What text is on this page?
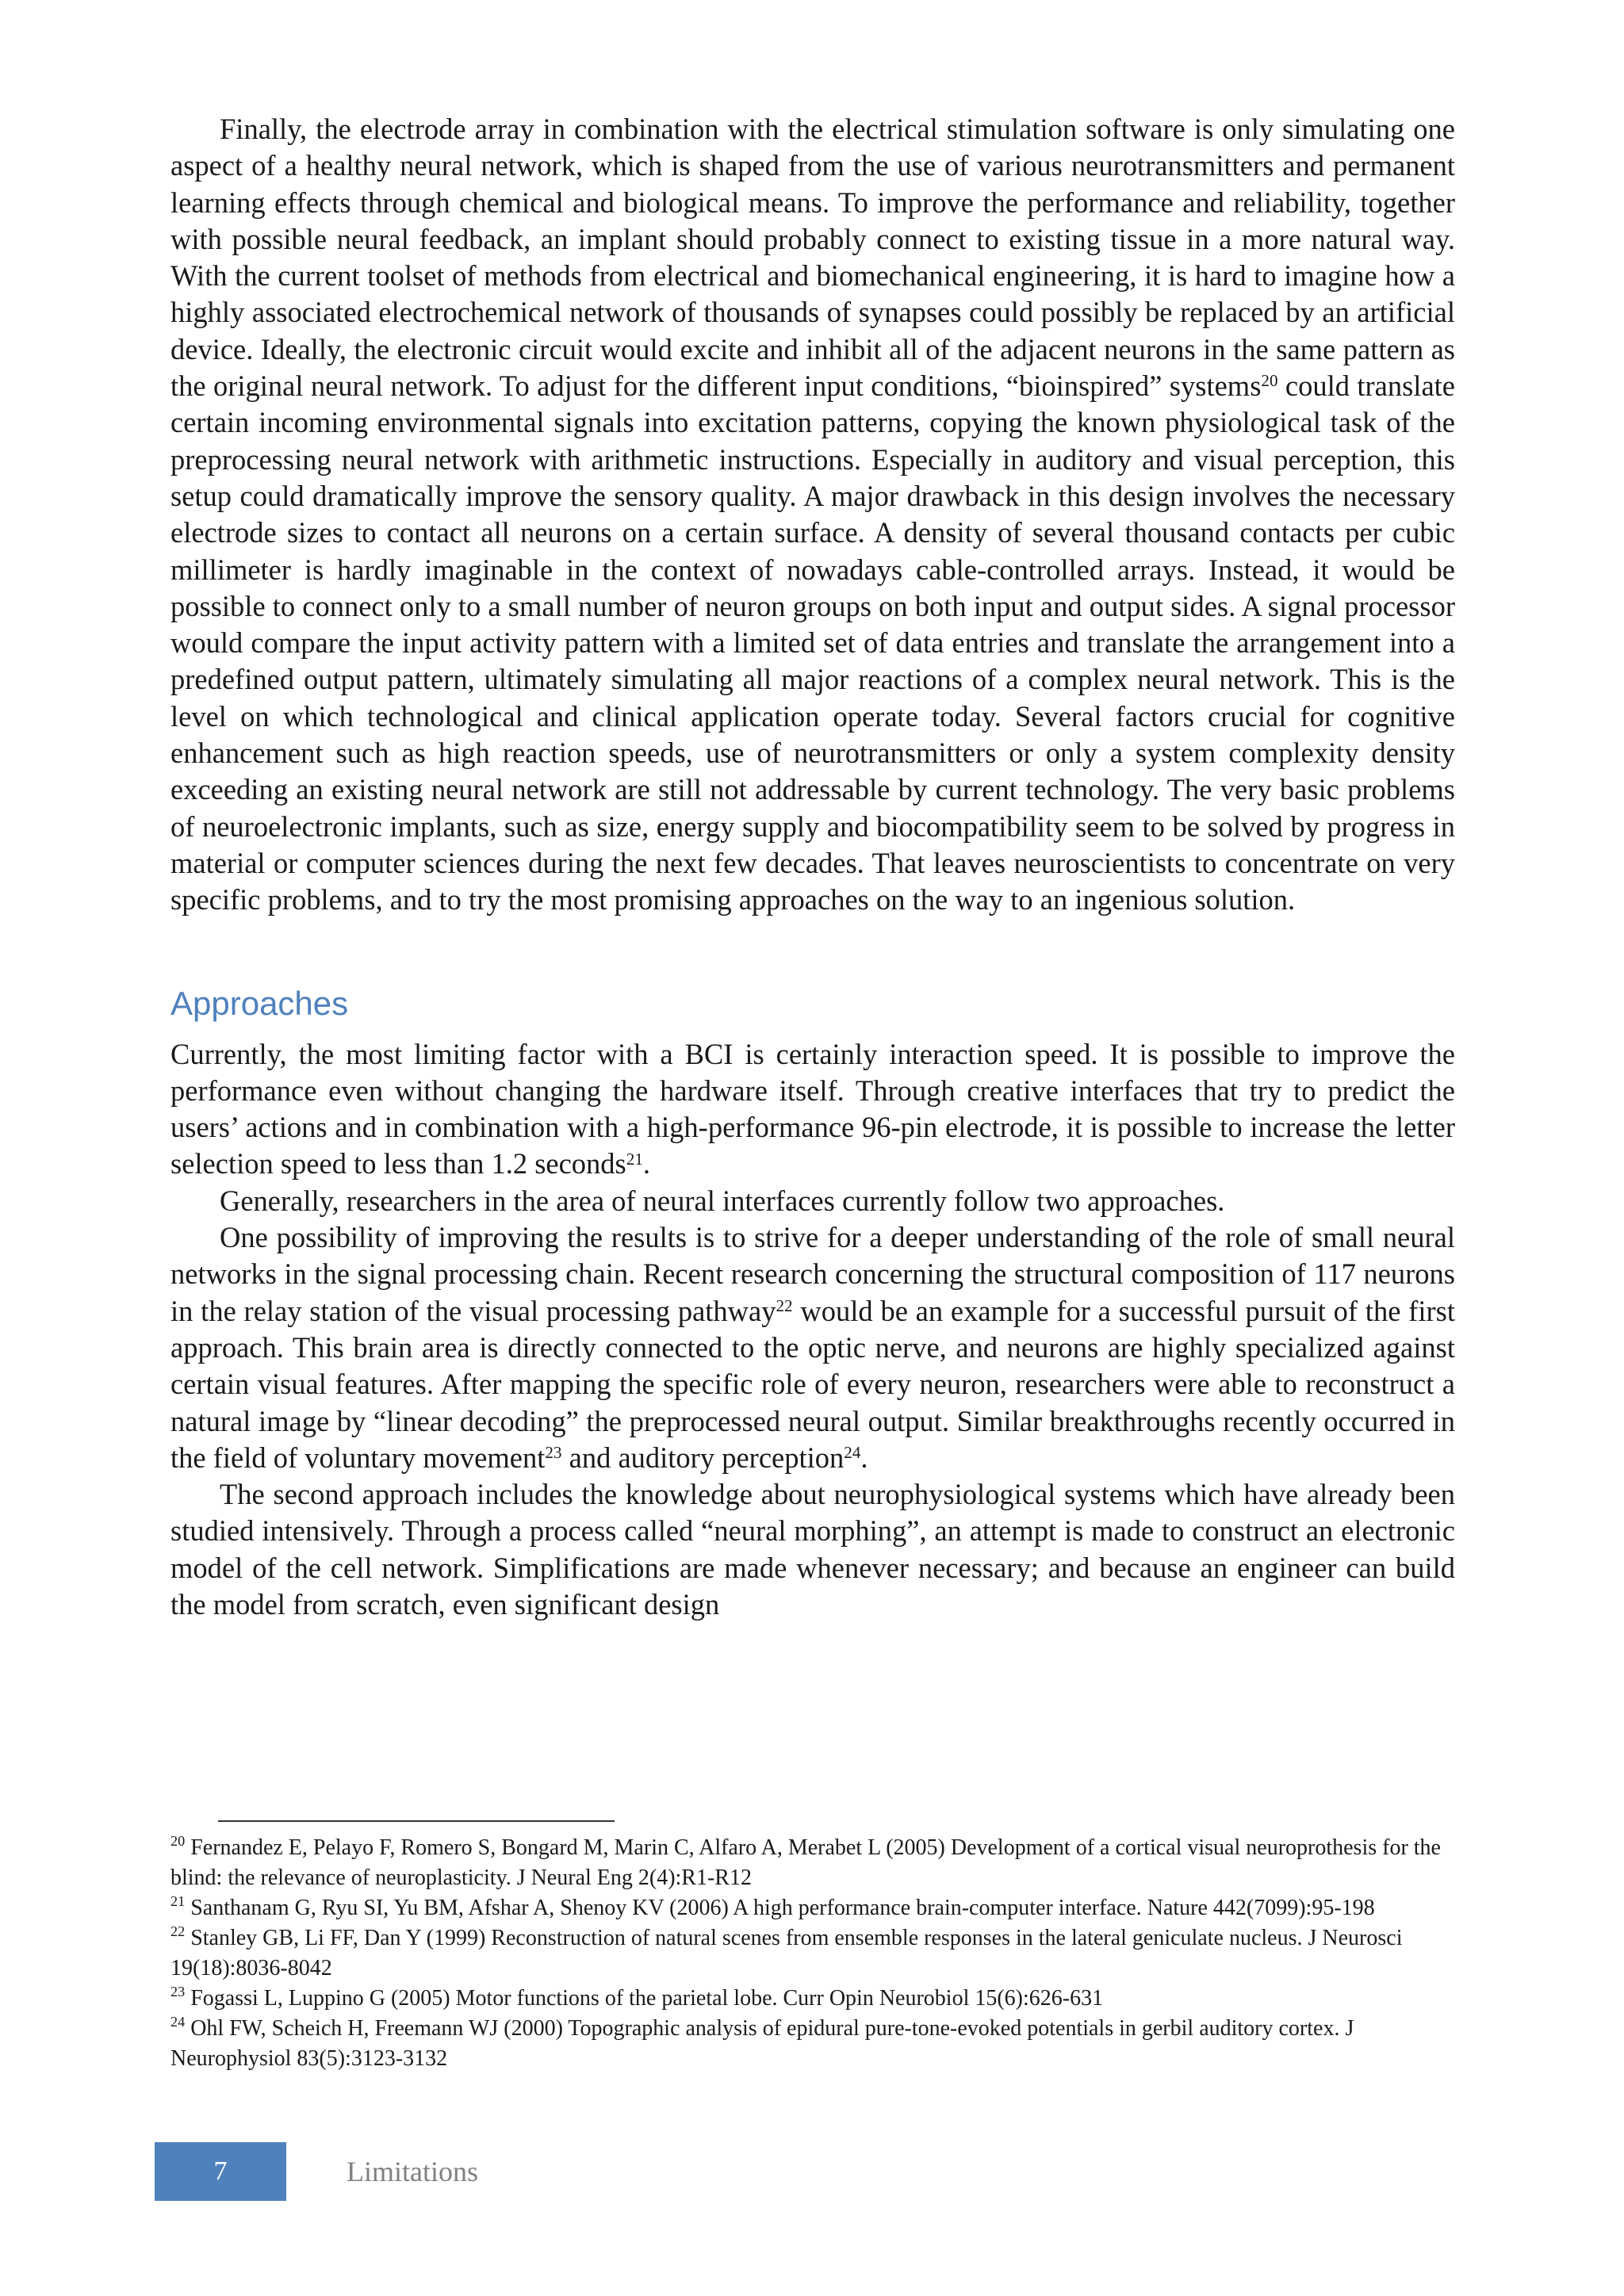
Finally, the electrode array in combination with the electrical stimulation software is only simulating one aspect of a healthy neural network, which is shaped from the use of various neurotransmitters and permanent learning effects through chemical and biological means. To improve the performance and reliability, together with possible neural feedback, an implant should probably connect to existing tissue in a more natural way. With the current toolset of methods from electrical and biomechanical engineering, it is hard to imagine how a highly associated electrochemical network of thousands of synapses could possibly be replaced by an artificial device. Ideally, the electronic circuit would excite and inhibit all of the adjacent neurons in the same pattern as the original neural network. To adjust for the different input conditions, “bioinspired” systems$^{20}$ could translate certain incoming environmental signals into excitation patterns, copying the known physiological task of the preprocessing neural network with arithmetic instructions. Especially in auditory and visual perception, this setup could dramatically improve the sensory quality. A major drawback in this design involves the necessary electrode sizes to contact all neurons on a certain surface. A density of several thousand contacts per cubic millimeter is hardly imaginable in the context of nowadays cable-controlled arrays. Instead, it would be possible to connect only to a small number of neuron groups on both input and output sides. A signal processor would compare the input activity pattern with a limited set of data entries and translate the arrangement into a predefined output pattern, ultimately simulating all major reactions of a complex neural network. This is the level on which technological and clinical application operate today. Several factors crucial for cognitive enhancement such as high reaction speeds, use of neurotransmitters or only a system complexity density exceeding an existing neural network are still not addressable by current technology. The very basic problems of neuroelectronic implants, such as size, energy supply and biocompatibility seem to be solved by progress in material or computer sciences during the next few decades. That leaves neuroscientists to concentrate on very specific problems, and to try the most promising approaches on the way to an ingenious solution.

Approaches

Currently, the most limiting factor with a BCI is certainly interaction speed. It is possible to improve the performance even without changing the hardware itself. Through creative interfaces that try to predict the users’ actions and in combination with a high-performance 96-pin electrode, it is possible to increase the letter selection speed to less than 1.2 seconds$^{21}$.

Generally, researchers in the area of neural interfaces currently follow two approaches.

One possibility of improving the results is to strive for a deeper understanding of the role of small neural networks in the signal processing chain. Recent research concerning the structural composition of 117 neurons in the relay station of the visual processing pathway$^{22}$ would be an example for a successful pursuit of the first approach. This brain area is directly connected to the optic nerve, and neurons are highly specialized against certain visual features. After mapping the specific role of every neuron, researchers were able to reconstruct a natural image by “linear decoding” the preprocessed neural output. Similar breakthroughs recently occurred in the field of voluntary movement$^{23}$ and auditory perception$^{24}$.

The second approach includes the knowledge about neurophysiological systems which have already been studied intensively. Through a process called “neural morphing”, an attempt is made to construct an electronic model of the cell network. Simplifications are made whenever necessary; and because an engineer can build the model from scratch, even significant design

$^{20}$ Fernandez E, Pelayo F, Romero S, Bongard M, Marin C, Alfaro A, Merabet L (2005) Development of a cortical visual neuroprothesis for the blind: the relevance of neuroplasticity. J Neural Eng 2(4):R1-R12

$^{21}$ Santhanam G, Ryu SI, Yu BM, Afshar A, Shenoy KV (2006) A high performance brain-computer interface. Nature 442(7099):95-198

$^{22}$ Stanley GB, Li FF, Dan Y (1999) Reconstruction of natural scenes from ensemble responses in the lateral geniculate nucleus. J Neurosci 19(18):8036-8042

$^{23}$ Fogassi L, Luppino G (2005) Motor functions of the parietal lobe. Curr Opin Neurobiol 15(6):626-631

$^{24}$ Ohl FW, Scheich H, Freemann WJ (2000) Topographic analysis of epidural pure-tone-evoked potentials in gerbil auditory cortex. J Neurophysiol 83(5):3123-3132

7	Limitations
